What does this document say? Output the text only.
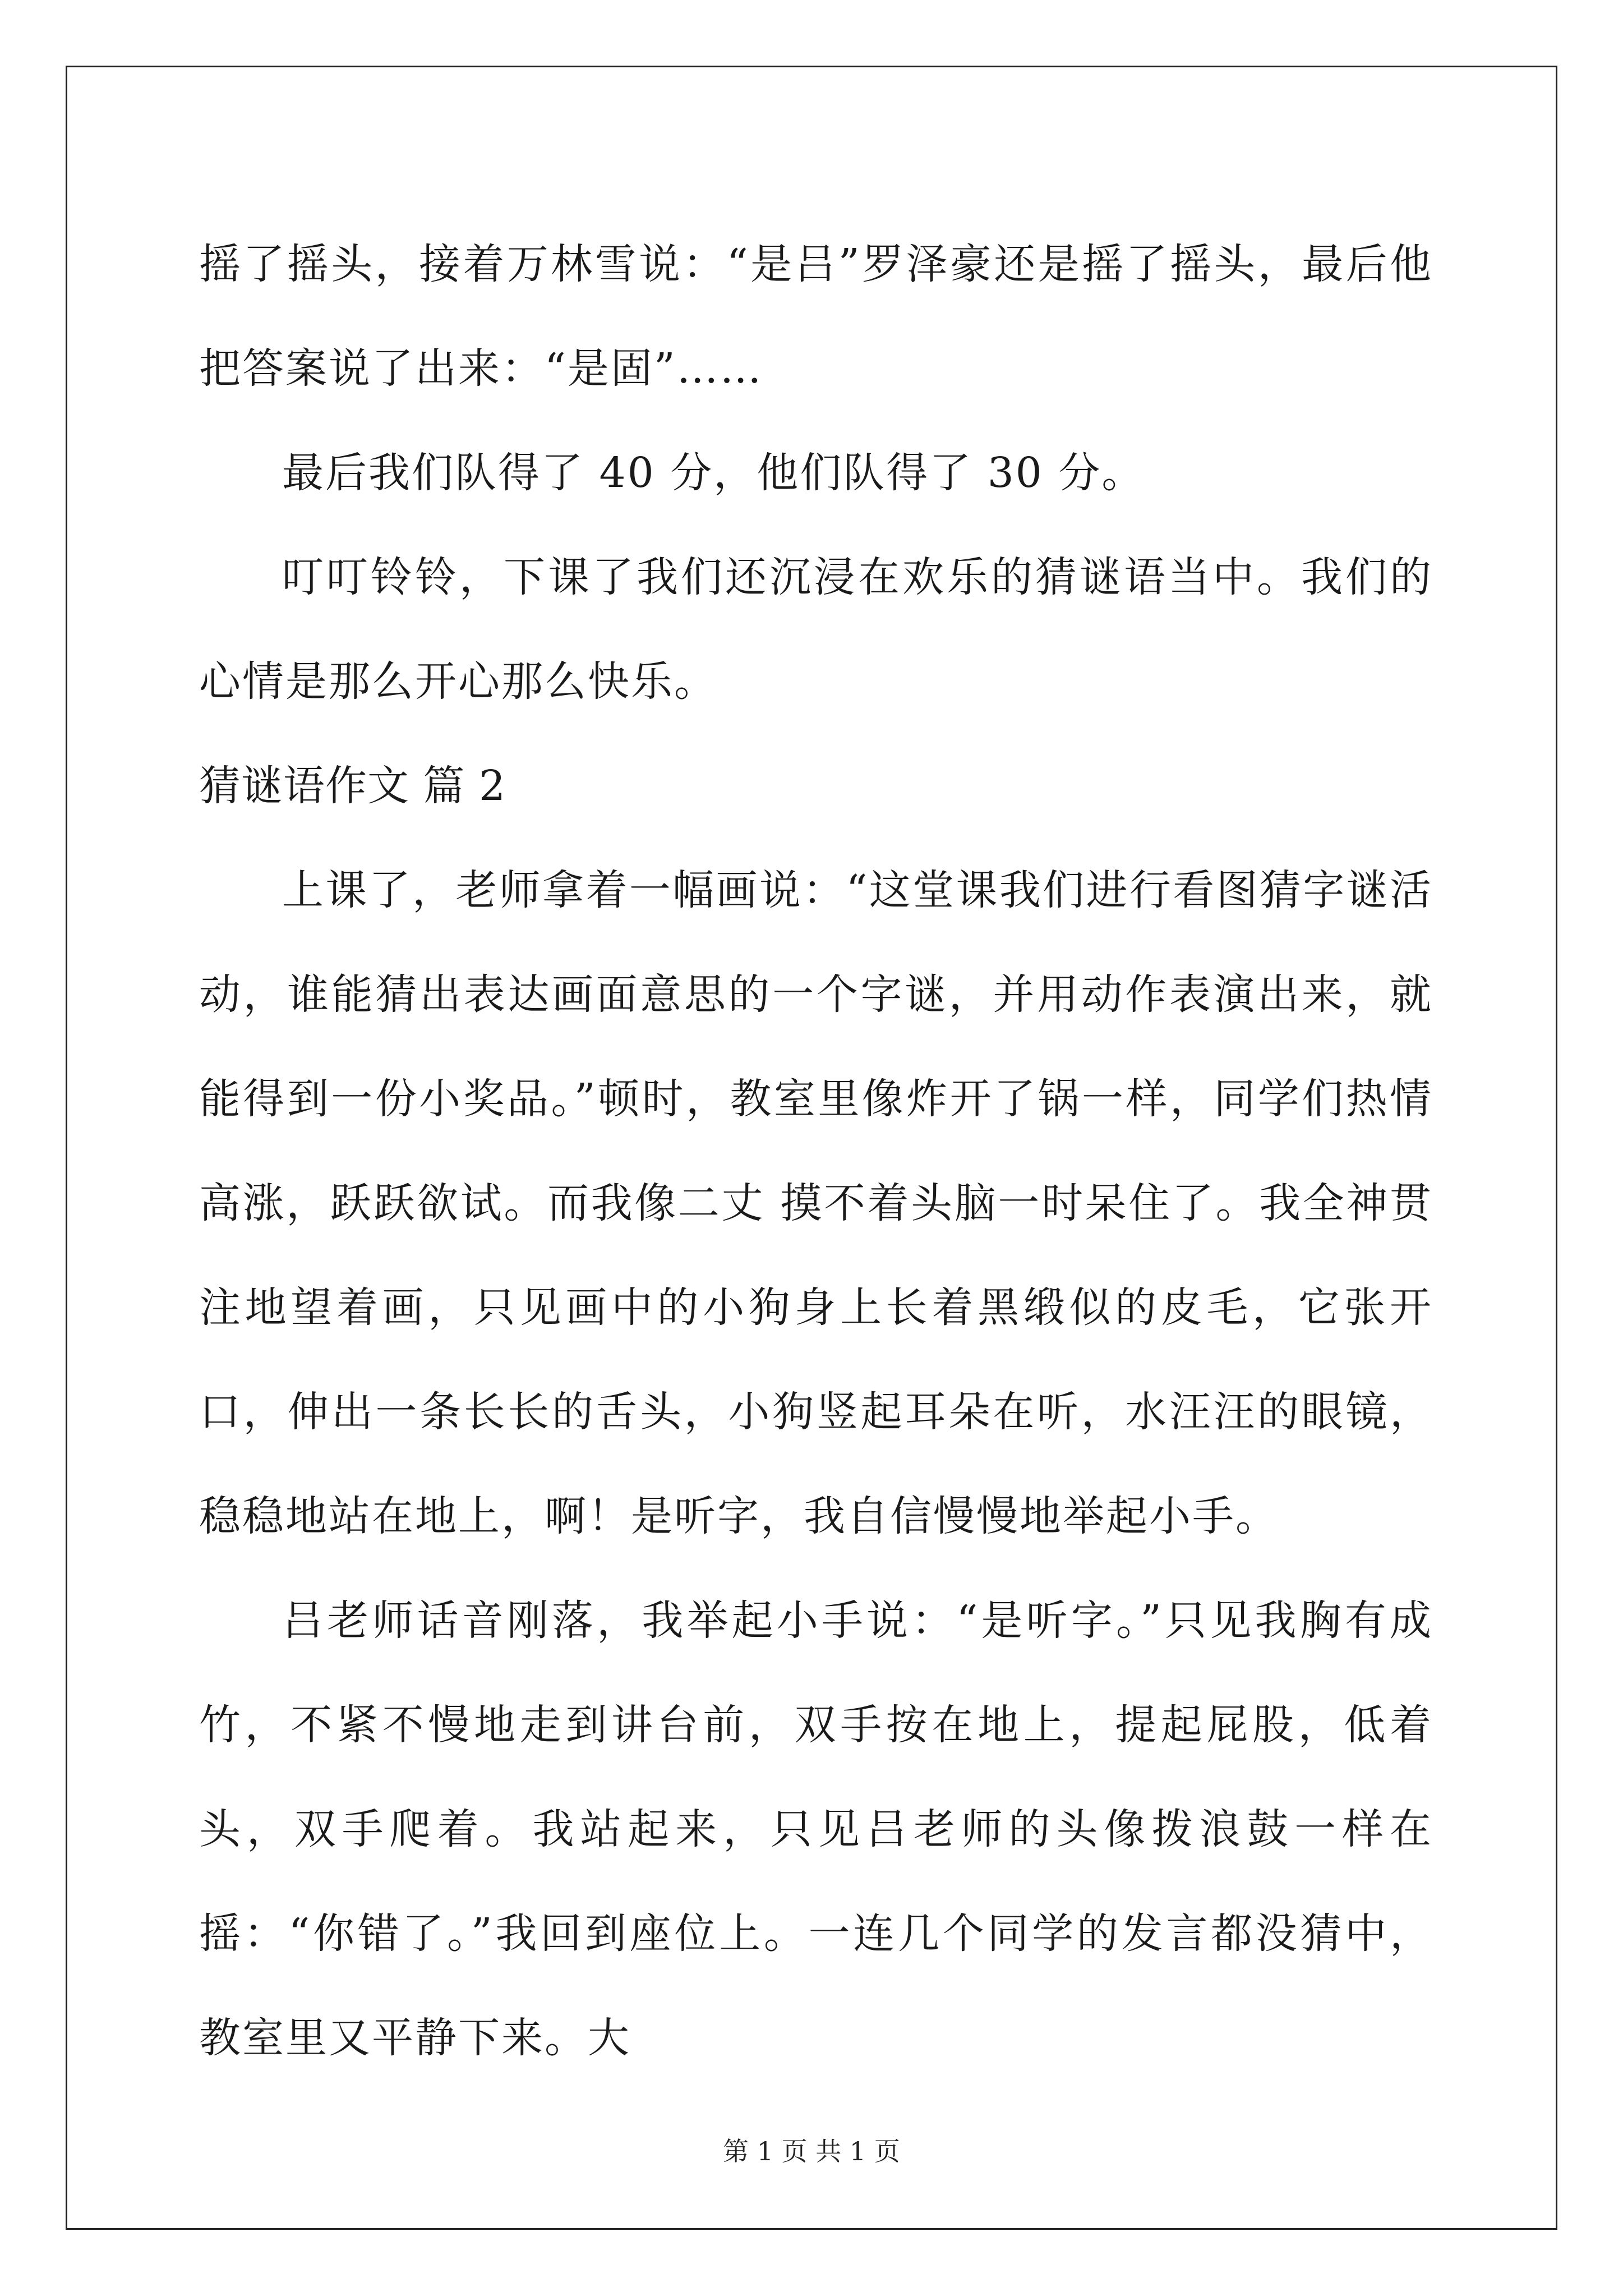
摇了摇头，接着万林雪说：“是吕”罗泽豪还是摇了摇头，最后他把答案说了出来：“是固”……

最后我们队得了 40 分，他们队得了 30 分。

叮叮铃铃，下课了我们还沉浸在欢乐的猜谜语当中。我们的心情是那么开心那么快乐。

猜谜语作文 篇 2

上课了，老师拿着一幅画说：“这堂课我们进行看图猜字谜活动，谁能猜出表达画面意思的一个字谜，并用动作表演出来，就能得到一份小奖品。”顿时，教室里像炸开了锅一样，同学们热情高涨，跃跃欲试。而我像二丈 摸不着头脑一时呆住了。我全神贯注地望着画，只见画中的小狗身上长着黑缎似的皮毛，它张开口，伸出一条长长的舌头，小狗竖起耳朵在听，水汪汪的眼镜，稳稳地站在地上，啊！是听字，我自信慢慢地举起小手。

吕老师话音刚落，我举起小手说：“是听字。”只见我胸有成竹，不紧不慢地走到讲台前，双手按在地上，提起屁股，低着头，双手爬着。我站起来，只见吕老师的头像拨浪鼓一样在摇：“你错了。”我回到座位上。一连几个同学的发言都没猜中，教室里又平静下来。大

第 1 页 共 1 页
